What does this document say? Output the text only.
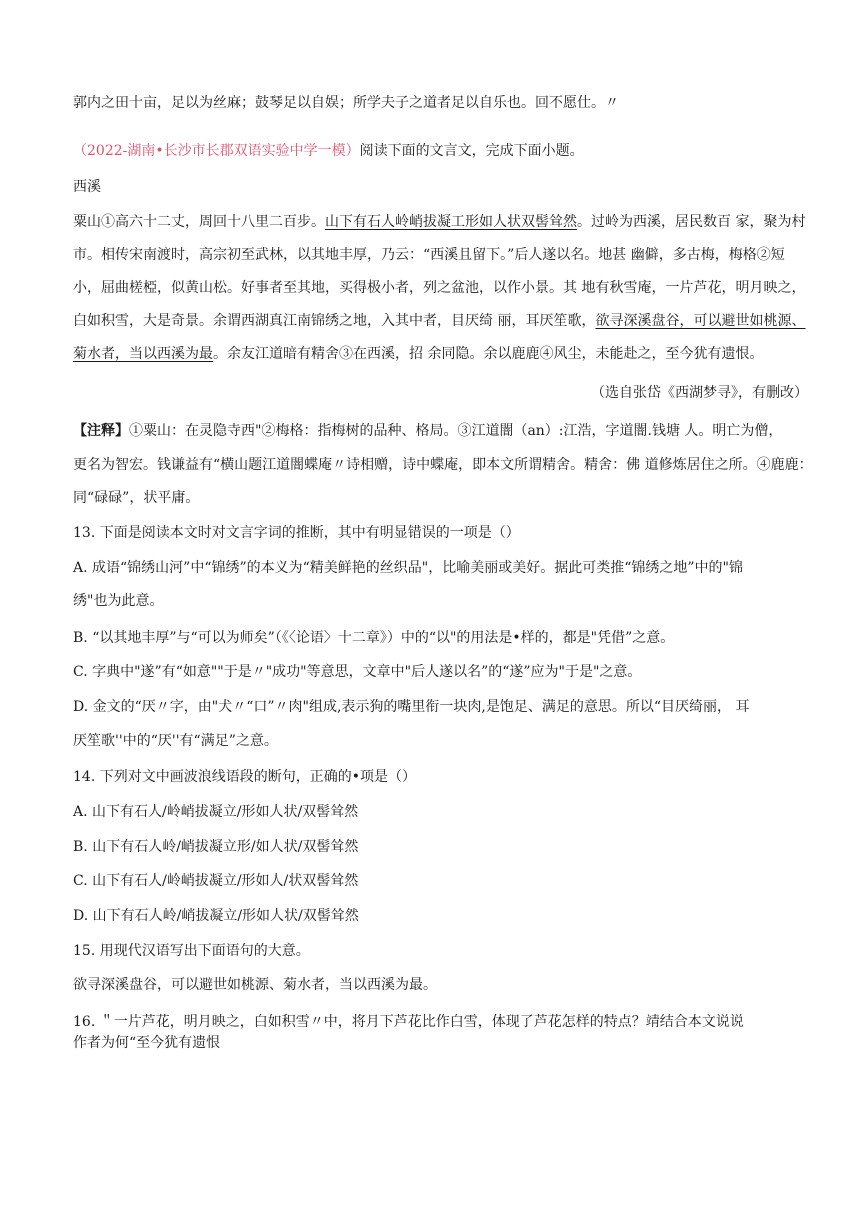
郭内之田十亩，足以为丝麻；鼓琴足以自娱；所学夫子之道者足以自乐也。回不愿仕。〃
（2022-湖南•长沙市长郡双语实验中学一模）阅读下面的文言文，完成下面小题。
西溪
粟山①高六十二丈，周回十八里二百步。山下有石人岭峭拔凝工形如人状双髻耸然。过岭为西溪，居民数百 家，聚为村
市。相传宋南渡时，高宗初至武林，以其地丰厚，乃云：“西溪且留下。”后人遂以名。地甚 幽僻，多古梅，梅格②短
小，屈曲槎椏，似黄山松。好事者至其地，买得极小者，列之盆池，以作小景。其 地有秋雪庵，一片芦花，明月映之，
白如积雪，大是奇景。余谓西湖真江南锦绣之地，入其中者，目厌绮 丽，耳厌笙歌，欲寻深溪盘谷，可以避世如桃源、
菊水者，当以西溪为最。余友江道暗有精舍③在西溪，招 余同隐。余以鹿鹿④风尘，未能赴之，至今犹有遗恨。
（选自张岱《西湖梦寻》，有删改）
【注释】①粟山：在灵隐寺西"②梅格：指梅树的品种、格局。③江道闇（an）:江浩，字道闇.钱塘 人。明亡为僧，
更名为智宏。钱谦益有“横山题江道闇蝶庵〃诗相赠，诗中蝶庵，即本文所谓精舍。精舍：佛 道修炼居住之所。④鹿鹿：
同“碌碌”，状平庸。
13. 下面是阅读本文时对文言字词的推断，其中有明显错误的一项是（）
A. 成语“锦绣山河”中“锦绣”的本义为“精美鲜艳的丝织品"，比喻美丽或美好。据此可类推“锦绣之地”中的"锦
绣"也为此意。
B. “以其地丰厚”与“可以为师矣”（《〈论语〉十二章》）中的“以"的用法是•样的，都是"凭借”之意。
C. 字典中"遂”有“如意""于是〃"成功"等意思，文章中"后人遂以名”的“遂”应为"于是"之意。
D. 金文的“厌〃字，由"犬〃“口”〃肉"组成,表示狗的嘴里衔一块肉,是饱足、满足的意思。所以“目厌绮丽， 耳
厌笙歌''中的“厌''有“满足”之意。
14. 下列对文中画波浪线语段的断句，正确的•项是（）
A. 山下有石人/岭峭拔凝立/形如人状/双髻耸然
B. 山下有石人岭/峭拔凝立形/如人状/双髻耸然
C. 山下有石人/岭峭拔凝立/形如人/状双髻耸然
D. 山下有石人岭/峭拔凝立/形如人状/双髻耸然
15. 用现代汉语写出下面语句的大意。
欲寻深溪盘谷，可以避世如桃源、菊水者，当以西溪为最。
16. ＂一片芦花，明月映之，白如积雪〃中，将月下芦花比作白雪，体现了芦花怎样的特点？靖结合本文说说
作者为何“至今犹有遗恨
